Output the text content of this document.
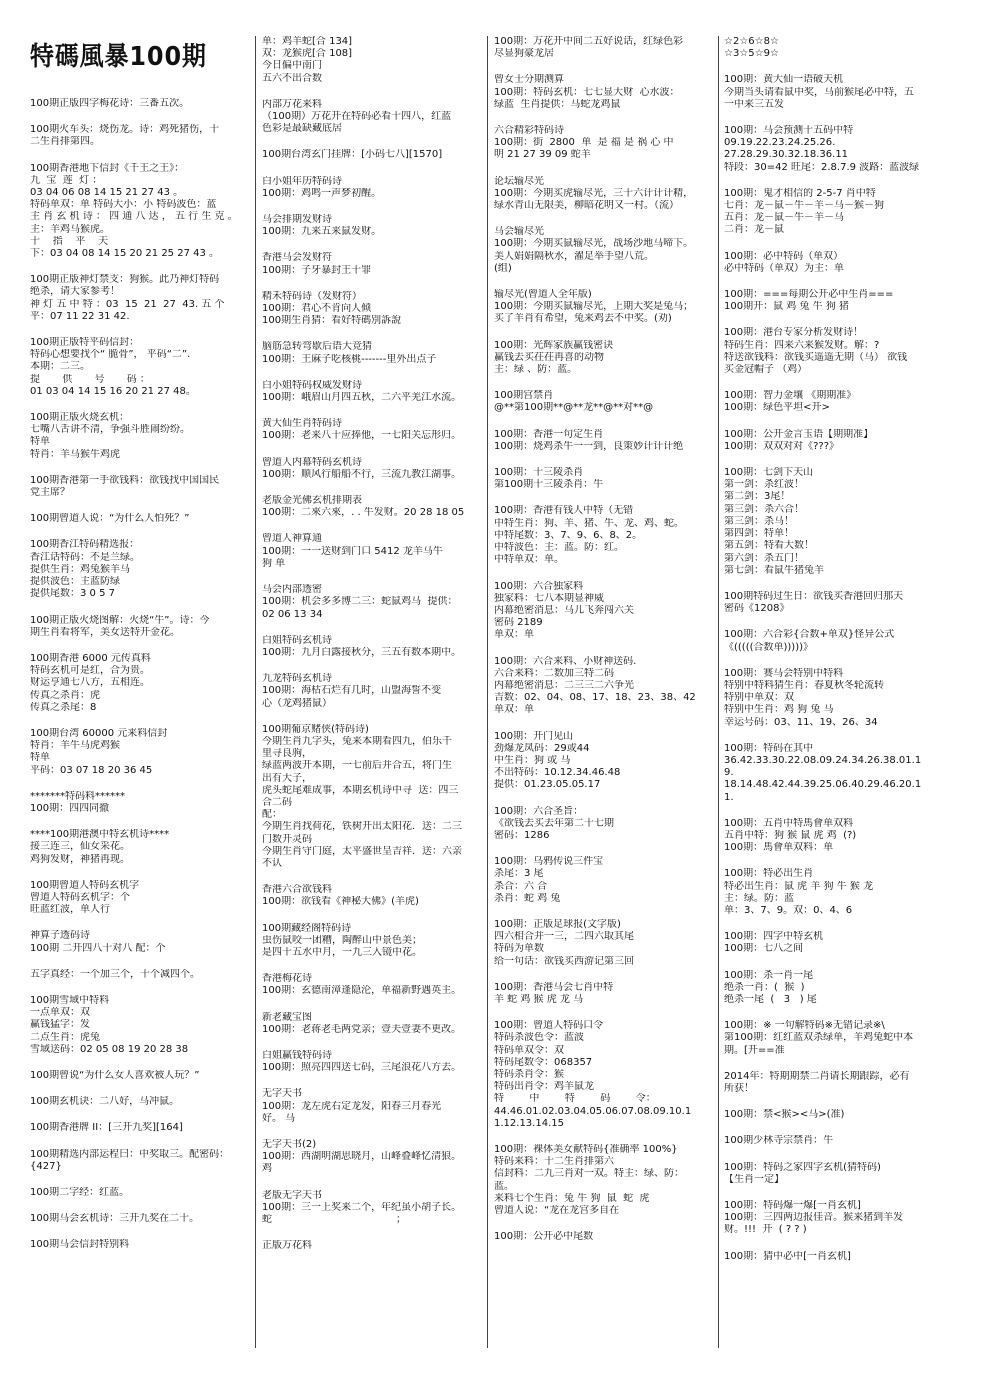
特碼風暴100期
100期正版四字梅花诗：三番五次。
100期火车头：烧伤龙。诗：鸡死猪伤，十
二生肖排第四。
100期香港地下信封《千王之王》：
九  宝  莲  灯 ：
03 04 06 08 14 15 21 27 43 。
特码单双：单 特码大小：小 特码波色：蓝
主 肖 玄 机 诗 ： 四 通 八 达 ， 五 行 生 克 。
主：羊鸡马猴虎。
十    指    平    天
下：03 04 08 14 15 20 21 25 27 43 。
100期正版神灯禁支：狗猴。此乃神灯特码
绝杀，请大家参考！
神 灯 五 中 特 ：03  15  21  27  43. 五 个
平：07 11 22 31 42.
100期正版特平码信封：
特码心想要找个“ 脆骨”， 平码“二”.
本期：二三。
提       供       号       码 ：
01 03 04 14 15 16 20 21 27 48。
100期正版火烧玄机：
七嘴八舌讲不清，争强斗胜闹纷纷。
特单
特肖：羊马猴牛鸡虎
100期香港第一手欲钱料：欲钱找中国国民
党主席？
100期曾道人说：“为什么人怕死？”
100期香江特码精选报：
香江话特码：不是兰绿。
提供生肖：鸡兔猴羊马
提供波色：主蓝防绿
提供尾数：3 0 5 7
100期正版火烧图解：火烧“牛”。诗：今
期生肖看将军，美女送特开金花。
100期香港 6000 元传真料
特码玄机可是红，合为贵。
财运亨通七八方，五相连。
传真之杀肖：虎
传真之杀尾：8
100期台湾 60000 元来料信封
特肖：羊牛马虎鸡猴
特单
平码：03 07 18 20 36 45
*******特码料******
100期：四四同撤
****100期港澳中特玄机诗****
接三连三，仙女采花。
鸡狗发财，神猪再现。
100期曾道人特码玄机字
曾道人特码玄机字：个
旺蓝红波，单人行
神算子透码诗
100期 二开四八十对八 配：个
五字真经：一个加三个，十个减四个。
100期雪域中特料
一点单双：双
赢钱猛字：发
二点生肖：虎兔
雪域送码：02 05 08 19 20 28 38
100期曾说“为什么女人喜欢被人玩？”
100期玄机诀：二八好，马冲鼠。
100期香港牌 II：[三开九奖][164]
100期精选内部运程曰：中奖取三。配密码：
{427}
100期二字经：红蓝。
100期马会玄机诗：三开九奖在二十。
100期马会信封特别料
单：鸡羊蛇[合 134]
双：龙猴虎[合 108]
今日偏中南门
五六不出合数
内部万花来料
（100期）万花开在特码必看十四八，红蓝
色彩是最缺藏底居
100期台湾玄门挂牌：[小码七八][1570]
白小姐年历特码诗
100期：鸡鸣一声梦初醒。
马会排期发财诗
100期：九来五来鼠发财。
香港马会发财符
100期：子牙暴封王十罪
精禾特码诗（发财符）
100期：君心不肯向人倾
100期生肖猜：看好特碼別訴說
脑筋急转弯歇后语大竞猜
100期：王麻子吃核桃-------里外出点子
白小姐特码权威发财诗
100期：峨眉山月四五秋，二六平羌江水流。
黄大仙生肖特码诗
100期：老来八十应捧他，一七阳关忘形归。
曾道人内幕特码玄机诗
100期：顺风行船船不行，三流九教江湖事。
老版金光佛玄机排期表
100期：二來六來，. . 牛发财。20 28 18 05
曾道人神算通
100期：一一送财到门口 5412 龙羊马牛
狗 单
马会内部透密
100期：机会多多博二三：蛇鼠鸡马  提供：
02 06 13 34
白姐特码玄机诗
100期：九月白露接秋分，三五有数本期中。
九龙特码玄机诗
100期：海枯石烂有几时，山盟海誓不变
心（龙鸡猪鼠）
100期葡京赌侠(特码诗)
今期生肖九字头，兔来本期看四九，伯乐千
里寻良驹，
绿蓝两波开本期，一七前后并合五，将门生
出有大子，
虎头蛇尾难成事，本期玄机诗中寻  送：四三
合二码
配：
今期生肖找荷花，铁树开出太阳花．送：二三
门数开灵码
今期生肖守门庭，太平盛世呈吉祥．送：六亲
不认
香港六合欲钱料
100期：欲钱看《神秘大佛》(羊虎)
100期藏经阁特码诗
虫伤鼠咬一团糟，陶醉山中景色美；
是四十五水中月，一九三入镜中花。
香港梅花诗
100期：玄德南漳逢隐沦，单福新野遇英主。
新老藏宝图
100期：老蒋老毛两党亲；壹夫壹妻不更改。
白姐赢钱特码诗
100期：照亮四四送七码，三尾浪花八方去。
无字天书
100期：龙左虎右定龙发，阳春三月春光
好。 马
无字天书(2)
100期：西湖明湖思晓月，山峰叠峰忆清狼。
鸡
老版无字天书
100期：三一上奖来二个，年纪虽小胡子长。
蛇                                       ；
正版万花料
100期：万花开中间二五好说话，红绿色彩
尽显狗豪龙居
曾女士分期测算
100期：特码玄机：七七显大财  心水波：
绿蓝  生肖提供：马蛇龙鸡鼠
六合精彩特码诗
100期：街  2800  单  是 福 是 祸 心 中
明 21 27 39 09 蛇羊
论坛输尽光
100期：今期买虎输尽光，三十六计计计精，
绿水青山无限美，柳暗花明又一村。（流）
马会输尽光
100期：今期买鼠输尽光，战场沙地马啼下。
美人娟娟隔秋水，濯足举手望八荒。
(组)
输尽光(曾道人全年版)
100期：今期买鼠输尽光，上期大奖是兔马；
买了羊肖有希望，兔来鸡去不中奖。(劝)
100期：光辉家族赢钱密诀
赢钱去买茌茌再喜的动物
主：绿 、防：蓝。
100期宫禁肖
@**第100期**@**龙**@**对**@
100期：香港一句定生肖
100期：烧鸡杀牛一一到，良策妙计计计绝
100期：十三陵杀肖
第100期十三陵杀肖：牛
100期：香港有钱人中特（无错
中特生肖：狗、羊、猪、牛、龙、鸡、蛇。
中特尾数：3、7、9、6、8、2。
中特波色：主：蓝。防：红。
中特单双：单。
100期：六合独家料
独家料：七八本期显神威
内幕绝密消息：马儿飞奔闯六关
密码 2189
单双：单
100期：六合来料、小财神送码.
六合来料：二数加三特二码
内幕绝密消息：二三三二六争光
吉数：02、04、08、17、18、23、38、42
单双：单
100期：开门见山
劲爆龙凤码：29或44
中生肖：狗 或 马
不出特码：10.12.34.46.48
提供：01.23.05.05.17
100期：六合圣旨：
《欲钱去买去年第二十七期
密码：1286
100期：乌鸦传说三件宝
杀尾：3 尾
杀合：六 合
杀肖：蛇 鸡 兔
100期：正版足球报(文字版)
四六相合并一三，二四六取其尾
特码为单数
给一句话：欲钱买西游记第三回
100期：香港马会七肖中特
羊 蛇 鸡 猴 虎 龙 马
100期：曾道人特码口令
特码杀波色令：蓝波
特码单双令：双
特码尾数令：068357
特码杀肖令：猴
特码出肖令：鸡羊鼠龙
特        中        特        码        令：
44.46.01.02.03.04.05.06.07.08.09.10.1
1.12.13.14.15
100期：裸体美女献特码{准确率 100%}
特码来料：十二生肖排第六
信封料：二九三肖对一双。特主：绿、防：
蓝。
来料七个生肖：兔 牛 狗  鼠  蛇  虎
曾道人说：“龙在龙宫多自在
100期：公开必中尾数
☆2☆6☆8☆
☆3☆5☆9☆
100期：黄大仙一语破天机
今期当头请看鼠中奖，马前猴尾必中特，五
一中来三五发
100期：马会预测十五码中特
09.19.22.23.24.25.26.
27.28.29.30.32.18.36.11
特段：30=42 旺尾：2.8.7.9 波路：蓝波绿
100期：鬼才相信的 2-5-7 肖中特
七肖：龙－鼠－牛－羊－马－猴－狗
五肖：龙－鼠－牛－羊－马
二肖：龙－鼠
100期：必中特码（单双）
必中特码（单双）为主：单
100期：===每期公开必中生肖===
100期开：鼠 鸡 兔 牛 狗 猪
100期：港台专家分析发财诗！
特码生肖：四来六来猴发财。解：?
特送欲钱料：欲钱买遥遥无期（马） 欲钱
买金冠帽子 （鸡）
100期：智力金壤 《期期准》
100期：绿色平坦<开>
100期：公开金言玉语【期期准】
100期：双双对对《???》
100期：七剑下天山
第一剑：杀红波！
第二剑：3尾！
第三剑：杀六合！
第三剑：杀马！
第四剑：特单！
第五剑：特看大数！
第六剑：杀五门！
第七剑：看鼠牛猪兔羊
100期特码过生日：欲钱买香港回归那天
密码《1208》
100期：六合彩{合数+单双}怪异公式
《(((((合数单)))))》
100期：赛马会特别中特料
特别中特料猜生肖：春夏秋冬轮流转
特别中单双：双
特别中生肖：鸡 狗 兔 马
幸运号码：03、11、19、26、34
100期：特码在其中
36.42.33.30.22.08.09.24.34.26.38.01.1
9.
18.14.48.42.44.39.25.06.40.29.46.20.1
1.
100期：五肖中特馬會单双料
五肖中特：狗 猴 鼠 虎 鸡  (?)
100期：馬會单双料：单
100期：特必出生肖
特必出生肖：鼠 虎 羊 狗 牛 猴 龙
主：绿。防：蓝
单：3、7、9。双：0、4、6
100期：四字中特玄机
100期：七八之间
100期：杀一肖一尾
绝杀一肖：(  猴  )
绝杀一尾  (   3   ) 尾
100期：※ 一句解特码※无错记录※\
第100期：红红蓝双杀绿单，羊鸡兔蛇中本
期。[开==准
2014年：特期期禁二肖请长期跟踪，必有
所获！
100期：禁<猴><马>(准)
100期少林寺宗禁肖：牛
100期：特码之家四字玄机(猜特码)
【生肖一定】
100期：特码爆一爆[一肖玄机]
100期：三四两边报佳音。猴来猪到羊发
财。!!!  开  ( ? ? )
100期：猜中必中[一肖玄机]
